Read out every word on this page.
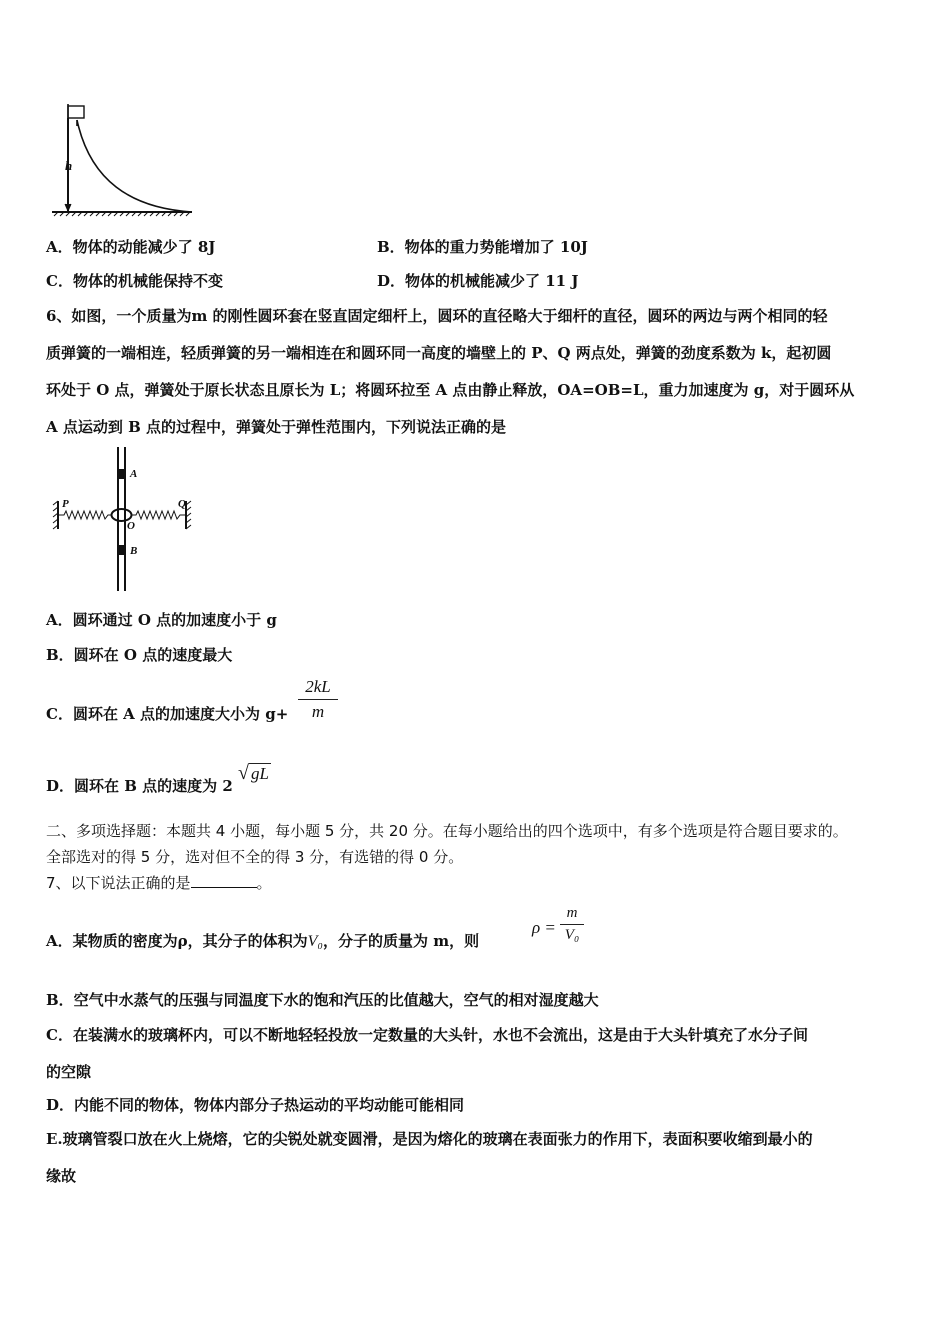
h
A．物体的动能减少了 8J	B．物体的重力势能增加了 10J
C．物体的机械能保持不变	D．物体的机械能减少了 11 J
6、如图，一个质量为m 的刚性圆环套在竖直固定细杆上，圆环的直径略大于细杆的直径，圆环的两边与两个相同的轻
质弹簧的一端相连，轻质弹簧的另一端相连在和圆环同一高度的墙壁上的 P、Q 两点处，弹簧的劲度系数为 k，起初圆
环处于 O 点，弹簧处于原长状态且原长为 L；将圆环拉至 A 点由静止释放，OA=OB=L，重力加速度为 g，对于圆环从
A 点运动到 B 点的过程中，弹簧处于弹性范围内，下列说法正确的是
A
P	Q
O
B
A．圆环通过 O 点的加速度小于 g
B．圆环在 O 点的速度最大
C．圆环在 A 点的加速度大小为 g+
2kL
m
D．圆环在 B 点的速度为 2
√ gL
二、多项选择题：本题共 4 小题，每小题 5 分，共 20 分。在每小题给出的四个选项中，有多个选项是符合题目要求的。
全部选对的得 5 分，选对但不全的得 3 分，有选错的得 0 分。
7、以下说法正确的是	。
A．某物质的密度为ρ，其分子的体积为V₀，分子的质量为 m，则
ρ =
m
V₀
B．空气中水蒸气的压强与同温度下水的饱和汽压的比值越大，空气的相对湿度越大
C．在装满水的玻璃杯内，可以不断地轻轻投放一定数量的大头针，水也不会流出，这是由于大头针填充了水分子间
的空隙
D．内能不同的物体，物体内部分子热运动的平均动能可能相同
E.玻璃管裂口放在火上烧熔，它的尖锐处就变圆滑，是因为熔化的玻璃在表面张力的作用下，表面积要收缩到最小的
缘故
